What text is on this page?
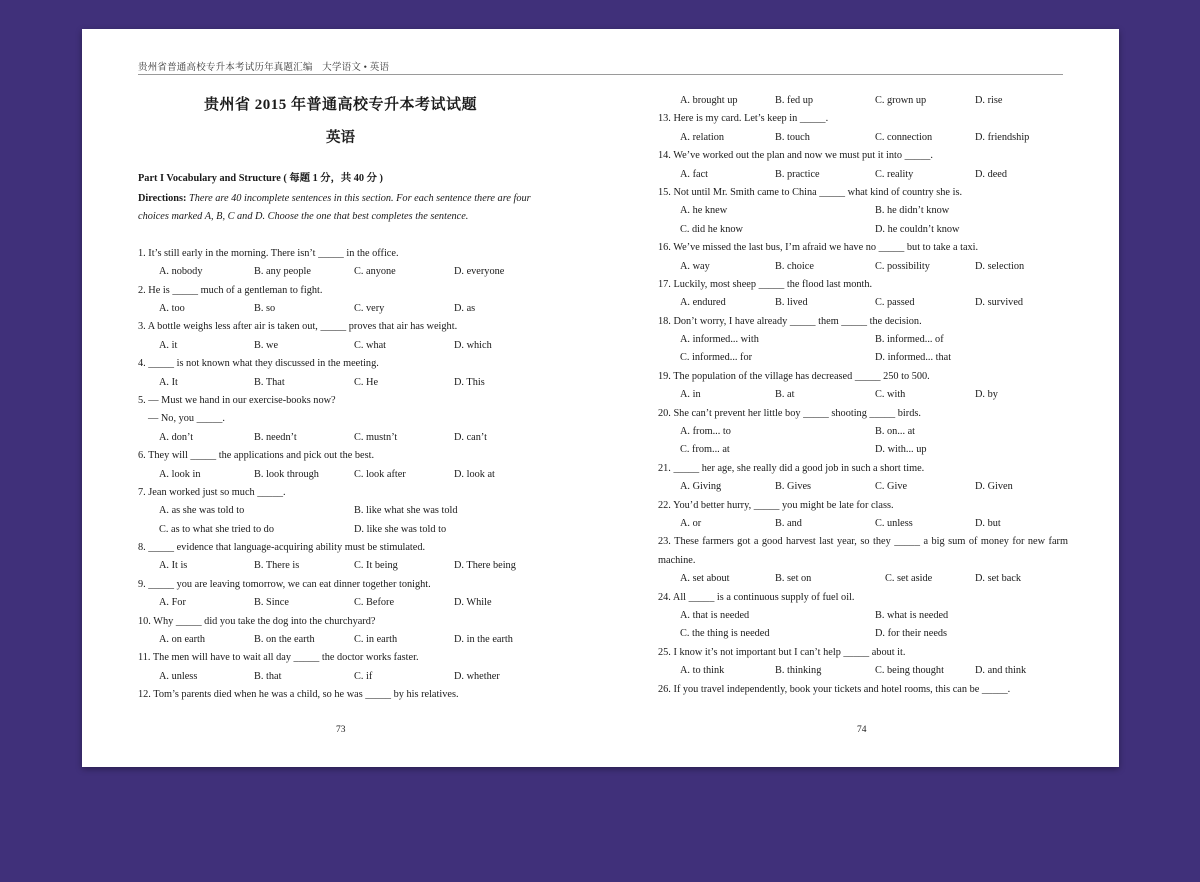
贵州省普通高校专升本考试历年真题汇编　大学语文 • 英语
贵州省 2015 年普通高校专升本考试试题
英语
Part I Vocabulary and Structure ( 每题 1 分，共 40 分 )
Directions: There are 40 incomplete sentences in this section. For each sentence there are four choices marked A, B, C and D. Choose the one that best completes the sentence.
1. It’s still early in the morning. There isn’t _____ in the office.
A. nobody	B. any people	C. anyone	D. everyone
2. He is _____ much of a gentleman to fight.
A. too	B. so	C. very	D. as
3. A bottle weighs less after air is taken out, _____ proves that air has weight.
A. it	B. we	C. what	D. which
4. _____ is not known what they discussed in the meeting.
A. It	B. That	C. He	D. This
5. — Must we hand in our exercise-books now?
— No, you _____.
A. don’t	B. needn’t	C. mustn’t	D. can’t
6. They will _____ the applications and pick out the best.
A. look in	B. look through	C. look after	D. look at
7. Jean worked just so much _____.
A. as she was told to	B. like what she was told
C. as to what she tried to do	D. like she was told to
8. _____ evidence that language-acquiring ability must be stimulated.
A. It is	B. There is	C. It being	D. There being
9. _____ you are leaving tomorrow, we can eat dinner together tonight.
A. For	B. Since	C. Before	D. While
10. Why _____ did you take the dog into the churchyard?
A. on earth	B. on the earth	C. in earth	D. in the earth
11. The men will have to wait all day _____ the doctor works faster.
A. unless	B. that	C. if	D. whether
12. Tom’s parents died when he was a child, so he was _____ by his relatives.
A. brought up	B. fed up	C. grown up	D. rise
13. Here is my card. Let’s keep in _____.
A. relation	B. touch	C. connection	D. friendship
14. We’ve worked out the plan and now we must put it into _____.
A. fact	B. practice	C. reality	D. deed
15. Not until Mr. Smith came to China _____ what kind of country she is.
A. he knew	B. he didn’t know
C. did he know	D. he couldn’t know
16. We’ve missed the last bus, I’m afraid we have no _____ but to take a taxi.
A. way	B. choice	C. possibility	D. selection
17. Luckily, most sheep _____ the flood last month.
A. endured	B. lived	C. passed	D. survived
18. Don’t worry, I have already _____ them _____ the decision.
A. informed... with	B. informed... of
C. informed... for	D. informed... that
19. The population of the village has decreased _____ 250 to 500.
A. in	B. at	C. with	D. by
20. She can’t prevent her little boy _____ shooting _____ birds.
A. from... to	B. on... at
C. from... at	D. with... up
21. _____ her age, she really did a good job in such a short time.
A. Giving	B. Gives	C. Give	D. Given
22. You’d better hurry, _____ you might be late for class.
A. or	B. and	C. unless	D. but
23. These farmers got a good harvest last year, so they _____ a big sum of money for new farm machine.
A. set about	B. set on	C. set aside	D. set back
24. All _____ is a continuous supply of fuel oil.
A. that is needed	B. what is needed
C. the thing is needed	D. for their needs
25. I know it’s not important but I can’t help _____ about it.
A. to think	B. thinking	C. being thought	D. and think
26. If you travel independently, book your tickets and hotel rooms, this can be _____.
73	74
